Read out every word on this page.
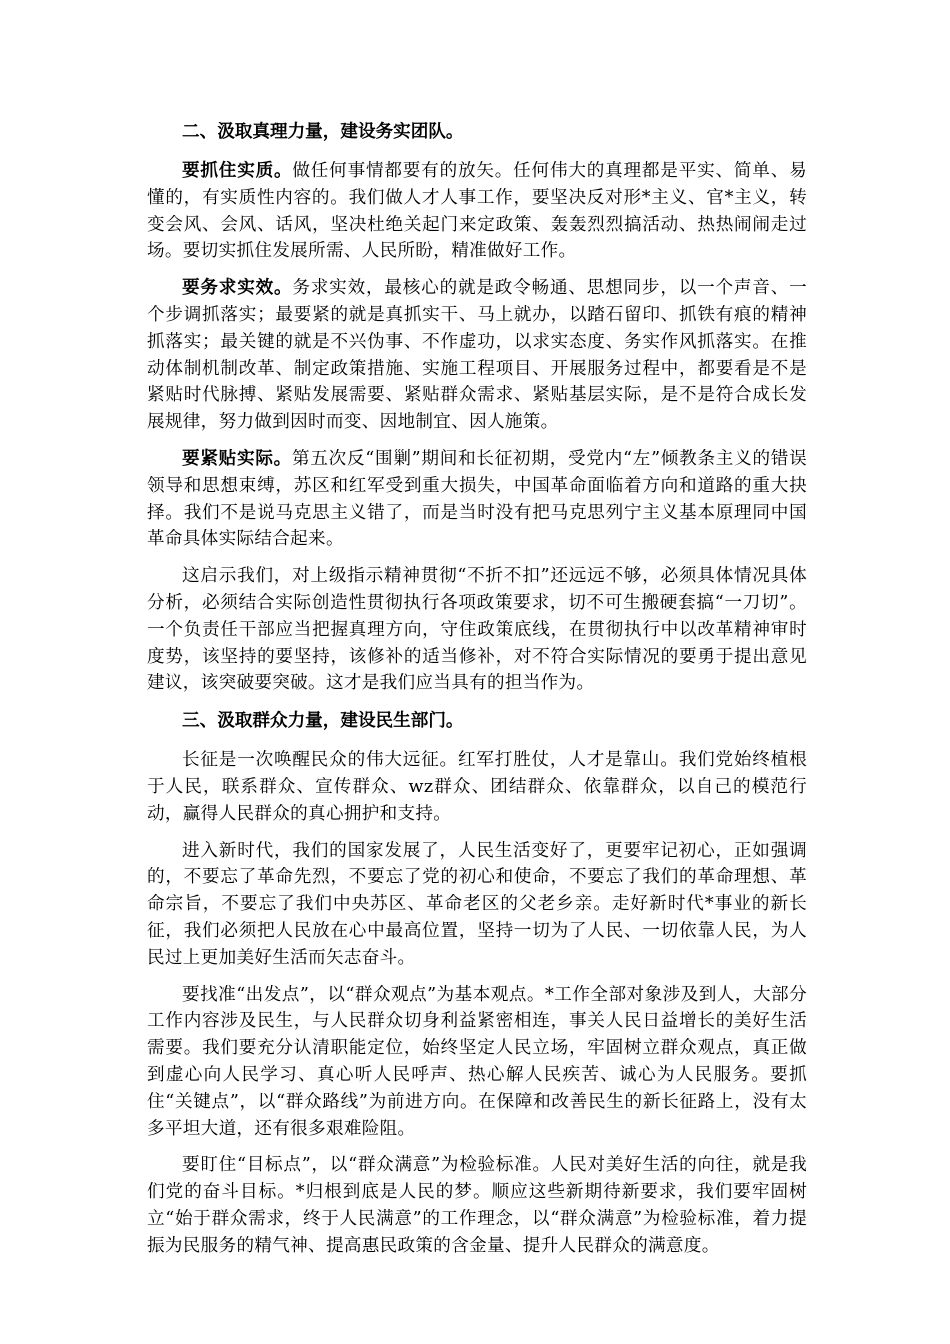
二、汲取真理力量，建设务实团队。

要抓住实质。做任何事情都要有的放矢。任何伟大的真理都是平实、简单、易懂的，有实质性内容的。我们做人才人事工作，要坚决反对形*主义、官*主义，转变会风、会风、话风，坚决杜绝关起门来定政策、轰轰烈烈搞活动、热热闹闹走过场。要切实抓住发展所需、人民所盼，精准做好工作。

要务求实效。务求实效，最核心的就是政令畅通、思想同步，以一个声音、一个步调抓落实；最要紧的就是真抓实干、马上就办，以踏石留印、抓铁有痕的精神抓落实；最关键的就是不兴伪事、不作虚功，以求实态度、务实作风抓落实。在推动体制机制改革、制定政策措施、实施工程项目、开展服务过程中，都要看是不是紧贴时代脉搏、紧贴发展需要、紧贴群众需求、紧贴基层实际，是不是符合成长发展规律，努力做到因时而变、因地制宜、因人施策。

要紧贴实际。第五次反“围剿”期间和长征初期，受党内“左”倾教条主义的错误领导和思想束缚，苏区和红军受到重大损失，中国革命面临着方向和道路的重大抉择。我们不是说马克思主义错了，而是当时没有把马克思列宁主义基本原理同中国革命具体实际结合起来。

这启示我们，对上级指示精神贯彻“不折不扣”还远远不够，必须具体情况具体分析，必须结合实际创造性贯彻执行各项政策要求，切不可生搬硬套搞“一刀切”。一个负责任干部应当把握真理方向，守住政策底线，在贯彻执行中以改革精神审时度势，该坚持的要坚持，该修补的适当修补，对不符合实际情况的要勇于提出意见建议，该突破要突破。这才是我们应当具有的担当作为。

三、汲取群众力量，建设民生部门。

长征是一次唤醒民众的伟大远征。红军打胜仗，人才是靠山。我们党始终植根于人民，联系群众、宣传群众、wz群众、团结群众、依靠群众，以自己的模范行动，赢得人民群众的真心拥护和支持。

进入新时代，我们的国家发展了，人民生活变好了，更要牢记初心，正如强调的，不要忘了革命先烈，不要忘了党的初心和使命，不要忘了我们的革命理想、革命宗旨，不要忘了我们中央苏区、革命老区的父老乡亲。走好新时代*事业的新长征，我们必须把人民放在心中最高位置，坚持一切为了人民、一切依靠人民，为人民过上更加美好生活而矢志奋斗。

要找准“出发点”，以“群众观点”为基本观点。*工作全部对象涉及到人，大部分工作内容涉及民生，与人民群众切身利益紧密相连，事关人民日益增长的美好生活需要。我们要充分认清职能定位，始终坚定人民立场，牢固树立群众观点，真正做到虚心向人民学习、真心听人民呼声、热心解人民疾苦、诚心为人民服务。要抓住“关键点”，以“群众路线”为前进方向。在保障和改善民生的新长征路上，没有太多平坦大道，还有很多艰难险阻。

要盯住“目标点”，以“群众满意”为检验标准。人民对美好生活的向往，就是我们党的奋斗目标。*归根到底是人民的梦。顺应这些新期待新要求，我们要牢固树立“始于群众需求，终于人民满意”的工作理念，以“群众满意”为检验标准，着力提振为民服务的精气神、提高惠民政策的含金量、提升人民群众的满意度。
